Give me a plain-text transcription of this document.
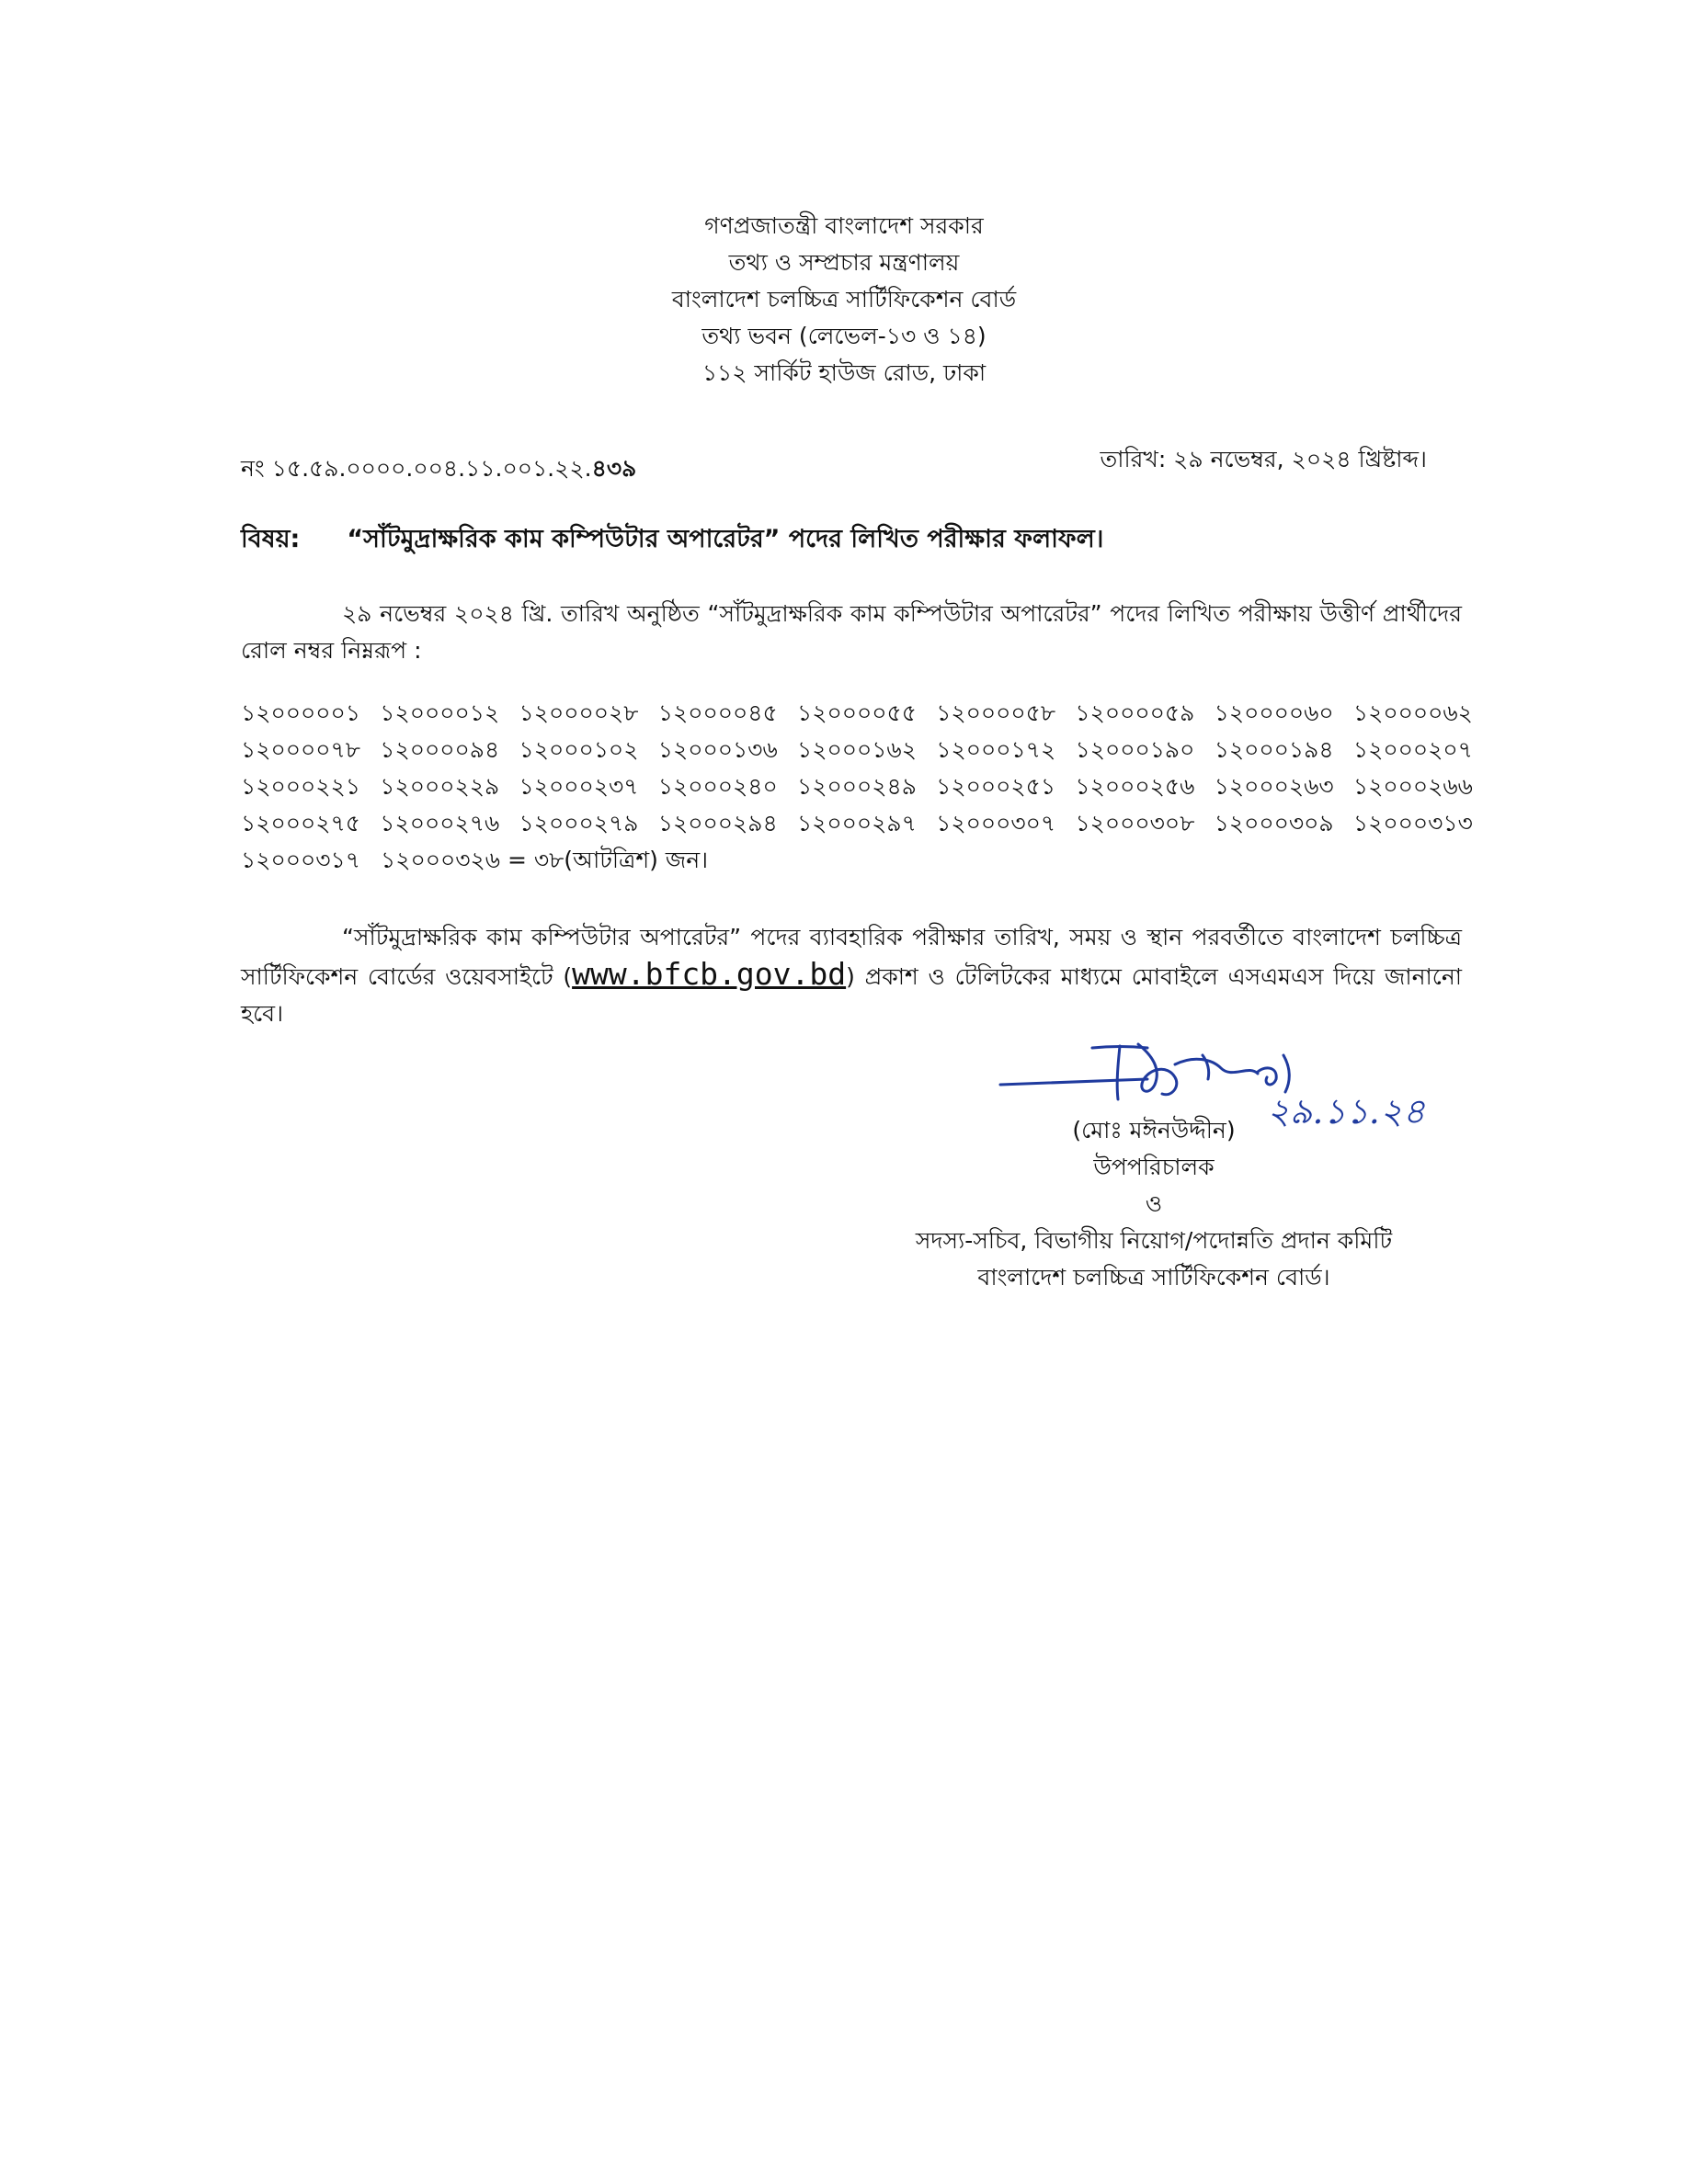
গণপ্রজাতন্ত্রী বাংলাদেশ সরকার
তথ্য ও সম্প্রচার মন্ত্রণালয়
বাংলাদেশ চলচ্চিত্র সার্টিফিকেশন বোর্ড
তথ্য ভবন (লেভেল-১৩ ও ১৪)
১১২ সার্কিট হাউজ রোড, ঢাকা
নং ১৫.৫৯.০০০০.০০৪.১১.০০১.২২.৪৩৯	তারিখ: ২৯ নভেম্বর, ২০২৪ খ্রিষ্টাব্দ।
বিষয়: “সাঁটমুদ্রাক্ষরিক কাম কম্পিউটার অপারেটর” পদের লিখিত পরীক্ষার ফলাফল।
২৯ নভেম্বর ২০২৪ খ্রি. তারিখ অনুষ্ঠিত “সাঁটমুদ্রাক্ষরিক কাম কম্পিউটার অপারেটর” পদের লিখিত পরীক্ষায় উত্তীর্ণ প্রার্থীদের রোল নম্বর নিম্নরূপ :
১২০০০০০১ ১২০০০০১২ ১২০০০০২৮ ১২০০০০৪৫ ১২০০০০৫৫ ১২০০০০৫৮ ১২০০০০৫৯ ১২০০০০৬০ ১২০০০০৬২
১২০০০০৭৮ ১২০০০০৯৪ ১২০০০১০২ ১২০০০১৩৬ ১২০০০১৬২ ১২০০০১৭২ ১২০০০১৯০ ১২০০০১৯৪ ১২০০০২০৭
১২০০০২২১ ১২০০০২২৯ ১২০০০২৩৭ ১২০০০২৪০ ১২০০০২৪৯ ১২০০০২৫১ ১২০০০২৫৬ ১২০০০২৬৩ ১২০০০২৬৬
১২০০০২৭৫ ১২০০০২৭৬ ১২০০০২৭৯ ১২০০০২৯৪ ১২০০০২৯৭ ১২০০০৩০৭ ১২০০০৩০৮ ১২০০০৩০৯ ১২০০০৩১৩
১২০০০৩১৭ ১২০০০৩২৬ = ৩৮(আটত্রিশ) জন।
“সাঁটমুদ্রাক্ষরিক কাম কম্পিউটার অপারেটর” পদের ব্যাবহারিক পরীক্ষার তারিখ, সময় ও স্থান পরবর্তীতে বাংলাদেশ চলচ্চিত্র সার্টিফিকেশন বোর্ডের ওয়েবসাইটে (www.bfcb.gov.bd) প্রকাশ ও টেলিটকের মাধ্যমে মোবাইলে এসএমএস দিয়ে জানানো হবে।
২৯.১১.২৪
(মোঃ মঈনউদ্দীন)
উপপরিচালক
ও
সদস্য-সচিব, বিভাগীয় নিয়োগ/পদোন্নতি প্রদান কমিটি
বাংলাদেশ চলচ্চিত্র সার্টিফিকেশন বোর্ড।
